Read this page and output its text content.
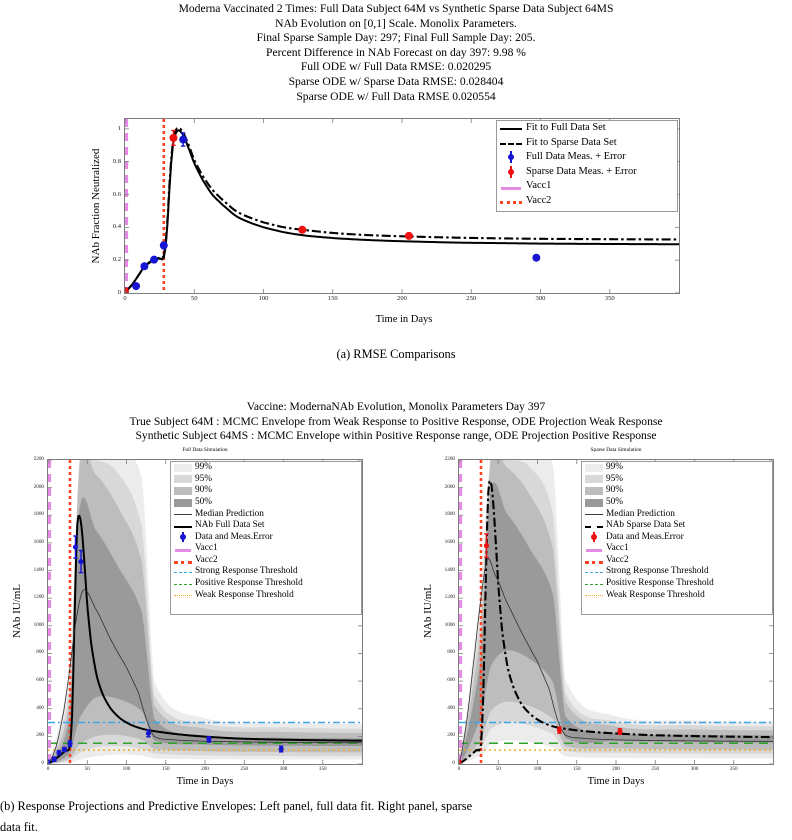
Moderna Vaccinated 2 Times: Full Data Subject 64M vs Synthetic Sparse Data Subject 64MS
NAb Evolution on [0,1] Scale. Monolix Parameters.
Final Sparse Sample Day: 297; Final Full Sample Day: 205.
Percent Difference in NAb Forecast on day 397: 9.98 %
Full ODE w/ Full Data RMSE: 0.020295
Sparse ODE w/ Sparse Data RMSE: 0.028404
Sparse ODE w/ Full Data RMSE 0.020554
NAb Fraction Neutralized
Time in Days
0	50	100	150	200	250	300	350
0
0.2
0.4
0.6
0.8
1	Fit to Full Data Set
Fit to Sparse Data Set
Full Data Meas. + Error
Sparse Data Meas. + Error
Vacc1
Vacc2
(a) RMSE Comparisons
Vaccine: ModernaNAb Evolution, Monolix Parameters Day 397
True Subject 64M : MCMC Envelope from Weak Response to Positive Response, ODE Projection Weak Response
Synthetic Subject 64MS : MCMC Envelope within Positive Response range, ODE Projection Positive Response
Full Data Simulation
NAb IU/mL
Time in Days
0	50	100	150	200	250	300	350
0
200
400
600
800
1000
1200
1400
1600
1800
2000
2200
99%
95%
90%
50%
Median Prediction
NAb Full Data Set
Data and Meas.Error
Vacc1
Vacc2
Strong Response Threshold
Positive Response Threshold
Weak Response Threshold
Sparse Data Simulation
NAb IU/mL
Time in Days
0	50	100	150	200	250	300	350
0
200
400
600
800
1000
1200
1400
1600
1800
2000
2200
99%
95%
90%
50%
Median Prediction
NAb Sparse Data Set
Data and Meas.Error
Vacc1
Vacc2
Strong Response Threshold
Positive Response Threshold
Weak Response Threshold
(b) Response Projections and Predictive Envelopes: Left panel, full data fit. Right panel, sparse
data fit.
